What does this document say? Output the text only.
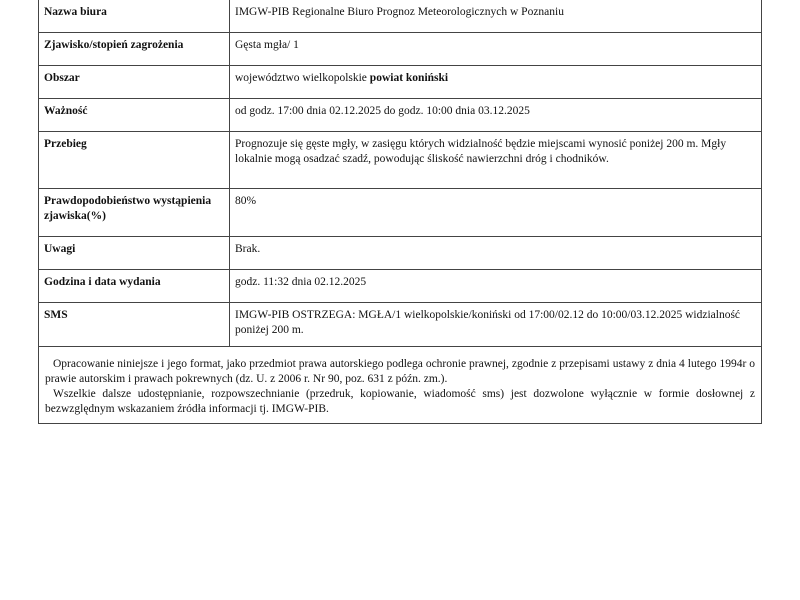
Nazwa biura	IMGW-PIB Regionalne Biuro Prognoz Meteorologicznych w Poznaniu
Zjawisko/stopień zagrożenia	Gęsta mgła/ 1
Obszar	województwo wielkopolskie powiat koniński
Ważność	od godz. 17:00 dnia 02.12.2025 do godz. 10:00 dnia 03.12.2025
Przebieg	Prognozuje się gęste mgły, w zasięgu których widzialność będzie miejscami wynosić poniżej 200 m. Mgły lokalnie mogą osadzać szadź, powodując śliskość nawierzchni dróg i chodników.
Prawdopodobieństwo wystąpienia zjawiska(%)	80%
Uwagi	Brak.
Godzina i data wydania	godz. 11:32 dnia 02.12.2025
SMS	IMGW-PIB OSTRZEGA: MGŁA/1 wielkopolskie/koniński od 17:00/02.12 do 10:00/03.12.2025 widzialność poniżej 200 m.

Opracowanie niniejsze i jego format, jako przedmiot prawa autorskiego podlega ochronie prawnej, zgodnie z przepisami ustawy z dnia 4 lutego 1994r o prawie autorskim i prawach pokrewnych (dz. U. z 2006 r. Nr 90, poz. 631 z późn. zm.).

Wszelkie dalsze udostępnianie, rozpowszechnianie (przedruk, kopiowanie, wiadomość sms) jest dozwolone wyłącznie w formie dosłownej z bezwzględnym wskazaniem źródła informacji tj. IMGW-PIB.	
